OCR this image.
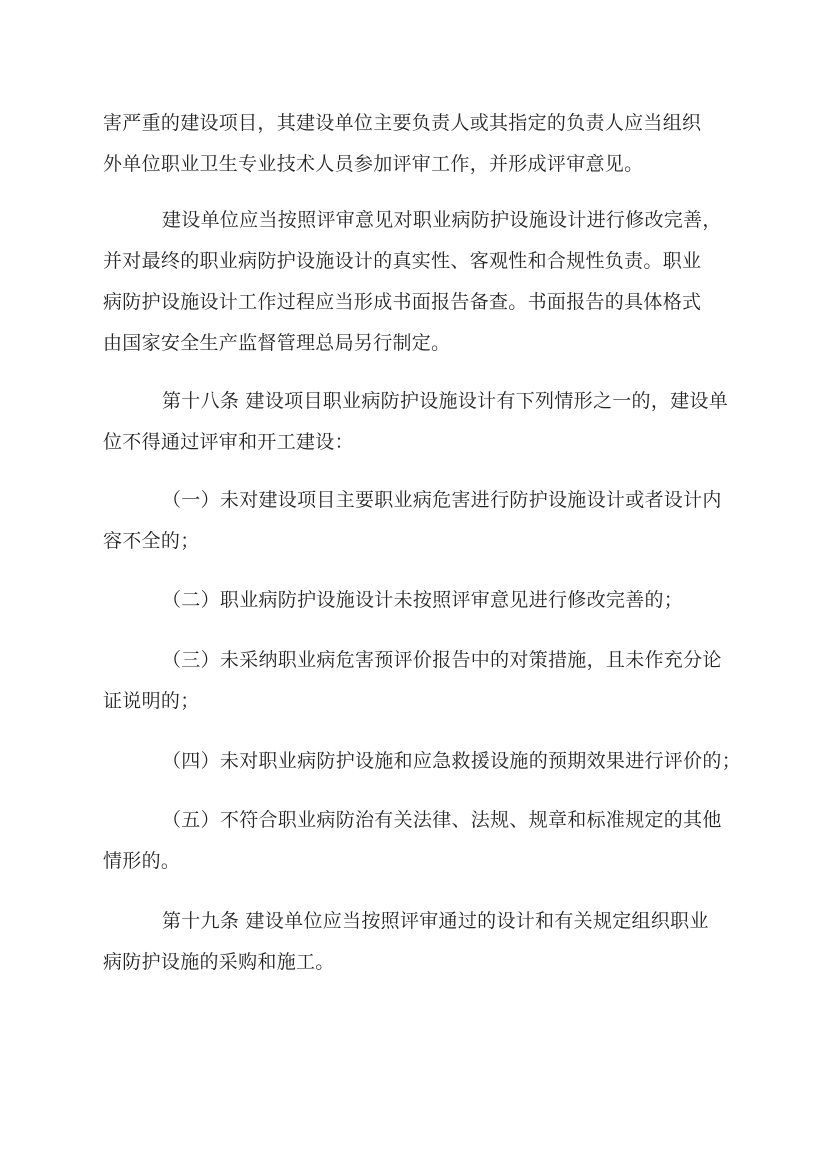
害严重的建设项目，其建设单位主要负责人或其指定的负责人应当组织
外单位职业卫生专业技术人员参加评审工作，并形成评审意见。
建设单位应当按照评审意见对职业病防护设施设计进行修改完善，
并对最终的职业病防护设施设计的真实性、客观性和合规性负责。职业
病防护设施设计工作过程应当形成书面报告备查。书面报告的具体格式
由国家安全生产监督管理总局另行制定。
第十八条 建设项目职业病防护设施设计有下列情形之一的，建设单
位不得通过评审和开工建设：
（一）未对建设项目主要职业病危害进行防护设施设计或者设计内
容不全的；
（二）职业病防护设施设计未按照评审意见进行修改完善的；
（三）未采纳职业病危害预评价报告中的对策措施，且未作充分论
证说明的；
（四）未对职业病防护设施和应急救援设施的预期效果进行评价的；
（五）不符合职业病防治有关法律、法规、规章和标准规定的其他
情形的。
第十九条 建设单位应当按照评审通过的设计和有关规定组织职业
病防护设施的采购和施工。
